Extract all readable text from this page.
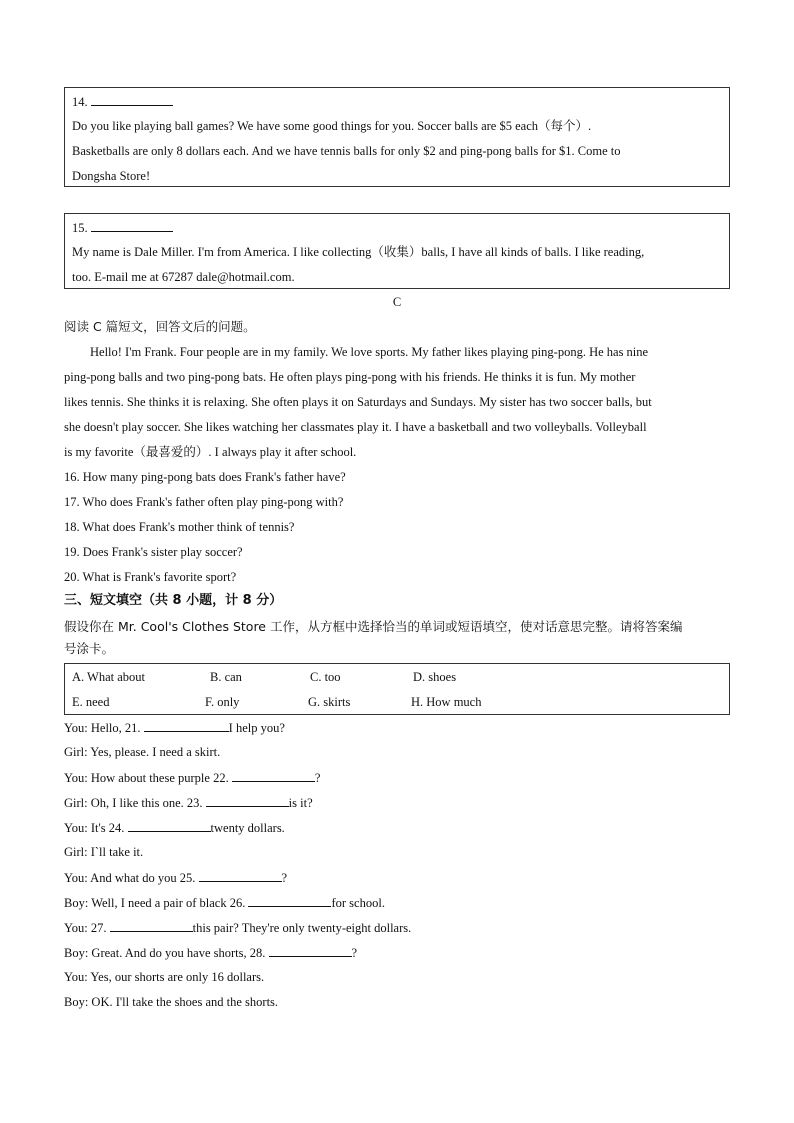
14.
Do you like playing ball games? We have some good things for you. Soccer balls are $5 each（每个）.
Basketballs are only 8 dollars each. And we have tennis balls for only $2 and ping-pong balls for $1. Come to
Dongsha Store!
15.
My name is Dale Miller. I'm from America. I like collecting（收集）balls, I have all kinds of balls. I like reading,
too. E-mail me at 67287 dale@hotmail.com.
C
阅读 C 篇短文，回答文后的问题。
Hello! I'm Frank. Four people are in my family. We love sports. My father likes playing ping-pong. He has nine
ping-pong balls and two ping-pong bats. He often plays ping-pong with his friends. He thinks it is fun. My mother
likes tennis. She thinks it is relaxing. She often plays it on Saturdays and Sundays. My sister has two soccer balls, but
she doesn't play soccer. She likes watching her classmates play it. I have a basketball and two volleyballs. Volleyball
is my favorite（最喜爱的）. I always play it after school.
16. How many ping-pong bats does Frank's father have?
17. Who does Frank's father often play ping-pong with?
18. What does Frank's mother think of tennis?
19. Does Frank's sister play soccer?
20. What is Frank's favorite sport?
三、短文填空（共 8 小题，计 8 分）
假设你在 Mr. Cool's Clothes Store 工作，从方框中选择恰当的单词或短语填空，使对话意思完整。请将答案编
号涂卡。
A. What about	B. can	C. too	D. shoes
E. need	F. only	G. skirts	H. How much
You: Hello, 21.	I help you?
Girl: Yes, please. I need a skirt.
You: How about these purple 22.	?
Girl: Oh, I like this one. 23.	is it?
You: It's 24.	twenty dollars.
Girl: I`ll take it.
You: And what do you 25.	?
Boy: Well, I need a pair of black 26.	for school.
You: 27.	this pair? They're only twenty-eight dollars.
Boy: Great. And do you have shorts, 28.	?
You: Yes, our shorts are only 16 dollars.
Boy: OK. I'll take the shoes and the shorts.
